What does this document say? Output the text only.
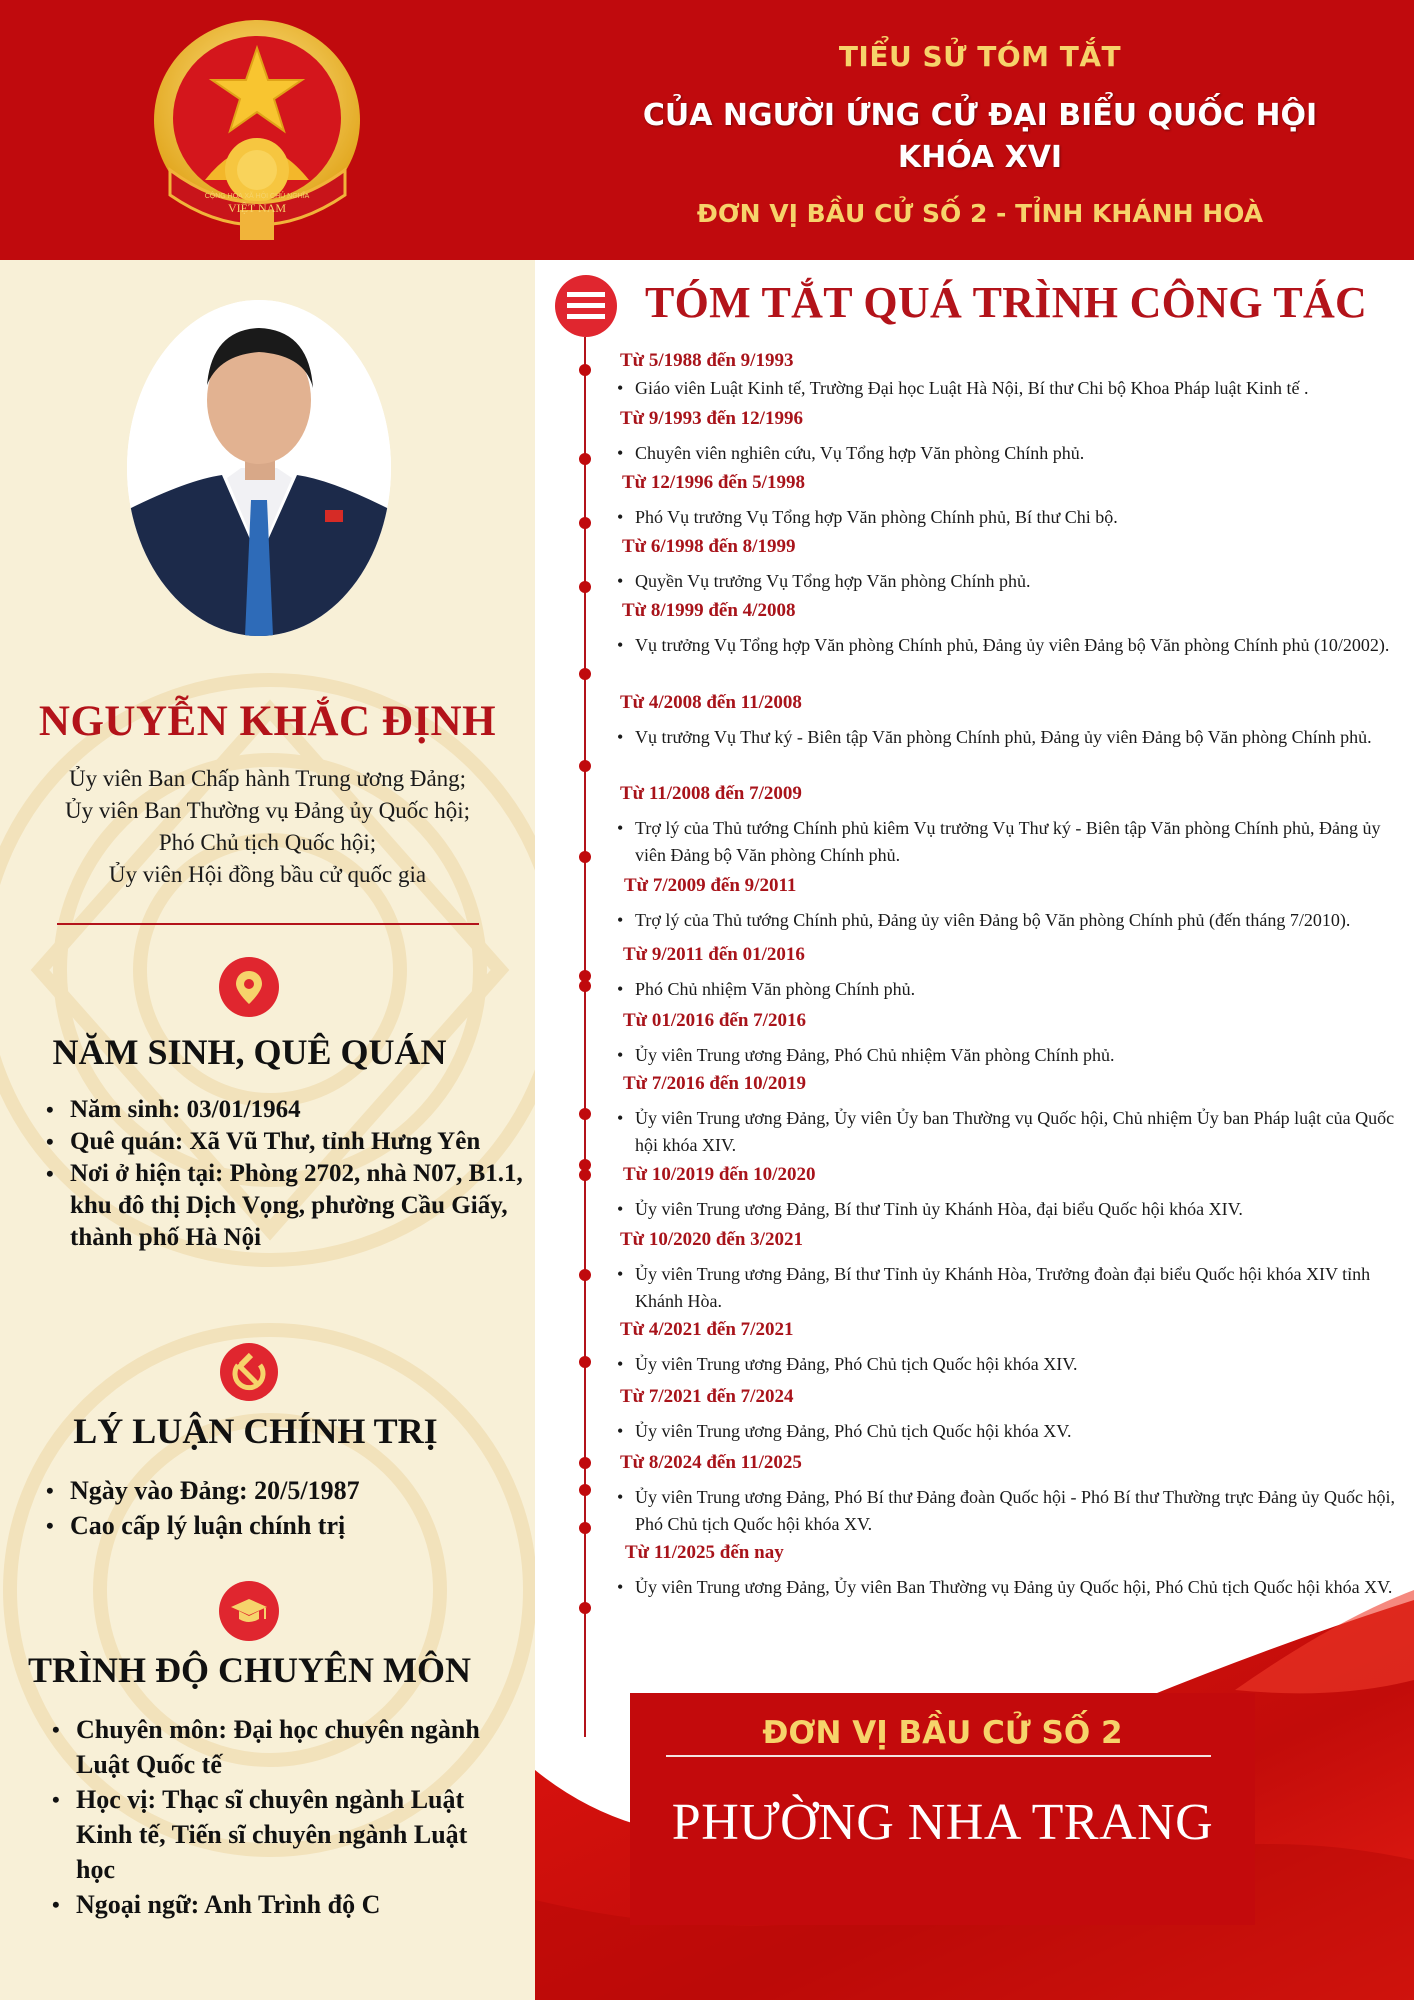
CỘNG HÒA XÃ HỘI CHỦ NGHĨA
VIỆT NAM
TIỂU SỬ TÓM TẮT
CỦA NGƯỜI ỨNG CỬ ĐẠI BIỂU QUỐC HỘI
KHÓA XVI
ĐƠN VỊ BẦU CỬ SỐ 2 - TỈNH KHÁNH HOÀ
NGUYỄN KHẮC ĐỊNH
Ủy viên Ban Chấp hành Trung ương Đảng;
Ủy viên Ban Thường vụ Đảng ủy Quốc hội;
Phó Chủ tịch Quốc hội;
Ủy viên Hội đồng bầu cử quốc gia
NĂM SINH, QUÊ QUÁN
• Năm sinh: 03/01/1964
• Quê quán: Xã Vũ Thư, tỉnh Hưng Yên
• Nơi ở hiện tại: Phòng 2702, nhà N07, B1.1, khu đô thị Dịch Vọng, phường Cầu Giấy, thành phố Hà Nội
LÝ LUẬN CHÍNH TRỊ
• Ngày vào Đảng: 20/5/1987
• Cao cấp lý luận chính trị
TRÌNH ĐỘ CHUYÊN MÔN
• Chuyên môn: Đại học chuyên ngành Luật Quốc tế
• Học vị: Thạc sĩ chuyên ngành Luật Kinh tế, Tiến sĩ chuyên ngành Luật học
• Ngoại ngữ: Anh Trình độ C
TÓM TẮT QUÁ TRÌNH CÔNG TÁC
Từ 5/1988 đến 9/1993
• Giáo viên Luật Kinh tế, Trường Đại học Luật Hà Nội, Bí thư Chi bộ Khoa Pháp luật Kinh tế .
Từ 9/1993 đến 12/1996
• Chuyên viên nghiên cứu, Vụ Tổng hợp Văn phòng Chính phủ.
Từ 12/1996 đến 5/1998
• Phó Vụ trưởng Vụ Tổng hợp Văn phòng Chính phủ, Bí thư Chi bộ.
Từ 6/1998 đến 8/1999
• Quyền Vụ trưởng Vụ Tổng hợp Văn phòng Chính phủ.
Từ 8/1999 đến 4/2008
• Vụ trưởng Vụ Tổng hợp Văn phòng Chính phủ, Đảng ủy viên Đảng bộ Văn phòng Chính phủ (10/2002).
Từ 4/2008 đến 11/2008
• Vụ trưởng Vụ Thư ký - Biên tập Văn phòng Chính phủ, Đảng ủy viên Đảng bộ Văn phòng Chính phủ.
Từ 11/2008 đến 7/2009
• Trợ lý của Thủ tướng Chính phủ kiêm Vụ trưởng Vụ Thư ký - Biên tập Văn phòng Chính phủ, Đảng ủy viên Đảng bộ Văn phòng Chính phủ.
Từ 7/2009 đến 9/2011
• Trợ lý của Thủ tướng Chính phủ, Đảng ủy viên Đảng bộ Văn phòng Chính phủ (đến tháng 7/2010).
Từ 9/2011 đến 01/2016
• Phó Chủ nhiệm Văn phòng Chính phủ.
Từ 01/2016 đến 7/2016
• Ủy viên Trung ương Đảng, Phó Chủ nhiệm Văn phòng Chính phủ.
Từ 7/2016 đến 10/2019
• Ủy viên Trung ương Đảng, Ủy viên Ủy ban Thường vụ Quốc hội, Chủ nhiệm Ủy ban Pháp luật của Quốc hội khóa XIV.
Từ 10/2019 đến 10/2020
• Ủy viên Trung ương Đảng, Bí thư Tỉnh ủy Khánh Hòa, đại biểu Quốc hội khóa XIV.
Từ 10/2020 đến 3/2021
• Ủy viên Trung ương Đảng, Bí thư Tỉnh ủy Khánh Hòa, Trưởng đoàn đại biểu Quốc hội khóa XIV tỉnh Khánh Hòa.
Từ 4/2021 đến 7/2021
• Ủy viên Trung ương Đảng, Phó Chủ tịch Quốc hội khóa XIV.
Từ 7/2021 đến 7/2024
• Ủy viên Trung ương Đảng, Phó Chủ tịch Quốc hội khóa XV.
Từ 8/2024 đến 11/2025
• Ủy viên Trung ương Đảng, Phó Bí thư Đảng đoàn Quốc hội - Phó Bí thư Thường trực Đảng ủy Quốc hội, Phó Chủ tịch Quốc hội khóa XV.
Từ 11/2025 đến nay
• Ủy viên Trung ương Đảng, Ủy viên Ban Thường vụ Đảng ủy Quốc hội, Phó Chủ tịch Quốc hội khóa XV.
ĐƠN VỊ BẦU CỬ SỐ 2
PHƯỜNG NHA TRANG
